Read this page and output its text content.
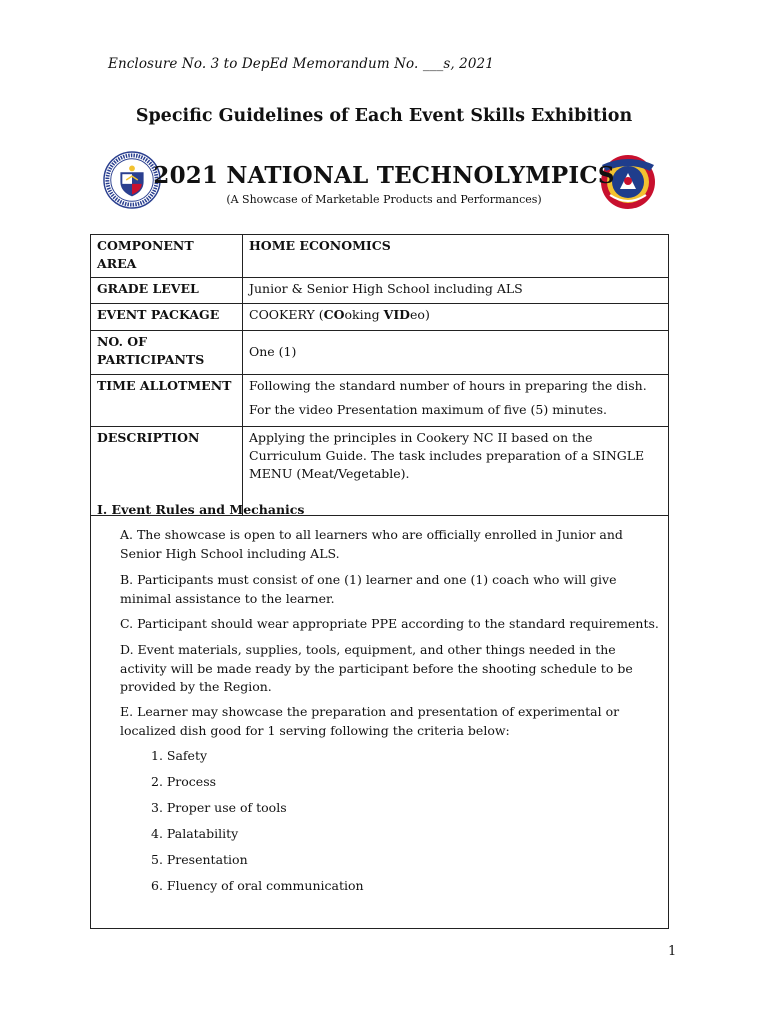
Enclosure No. 3 to DepEd Memorandum No. ___s, 2021
Specific Guidelines of Each Event Skills Exhibition
2021 NATIONAL TECHNOLYMPICS
(A Showcase of Marketable Products and Performances)
COMPONENT AREA	HOME ECONOMICS
GRADE LEVEL	Junior & Senior High School including ALS
EVENT PACKAGE	COOKERY (COoking VIDeo)
NO. OF PARTICIPANTS	One (1)
TIME ALLOTMENT	Following the standard number of hours in preparing the dish.

For the video Presentation maximum of five (5) minutes.

DESCRIPTION	Applying the principles in Cookery NC II based on the Curriculum Guide. The task includes preparation of a SINGLE MENU (Meat/Vegetable).
I. Event Rules and Mechanics
A. The showcase is open to all learners who are officially enrolled in Junior and
Senior High School including ALS.
B. Participants must consist of one (1) learner and one (1) coach who will give
minimal assistance to the learner.
C. Participant should wear appropriate PPE according to the standard requirements.
D. Event materials, supplies, tools, equipment, and other things needed in the
activity will be made ready by the participant before the shooting schedule to be
provided by the Region.
E. Learner may showcase the preparation and presentation of experimental or
localized dish good for 1 serving following the criteria below:
1. Safety
2. Process
3. Proper use of tools
4. Palatability
5. Presentation
6. Fluency of oral communication
1
